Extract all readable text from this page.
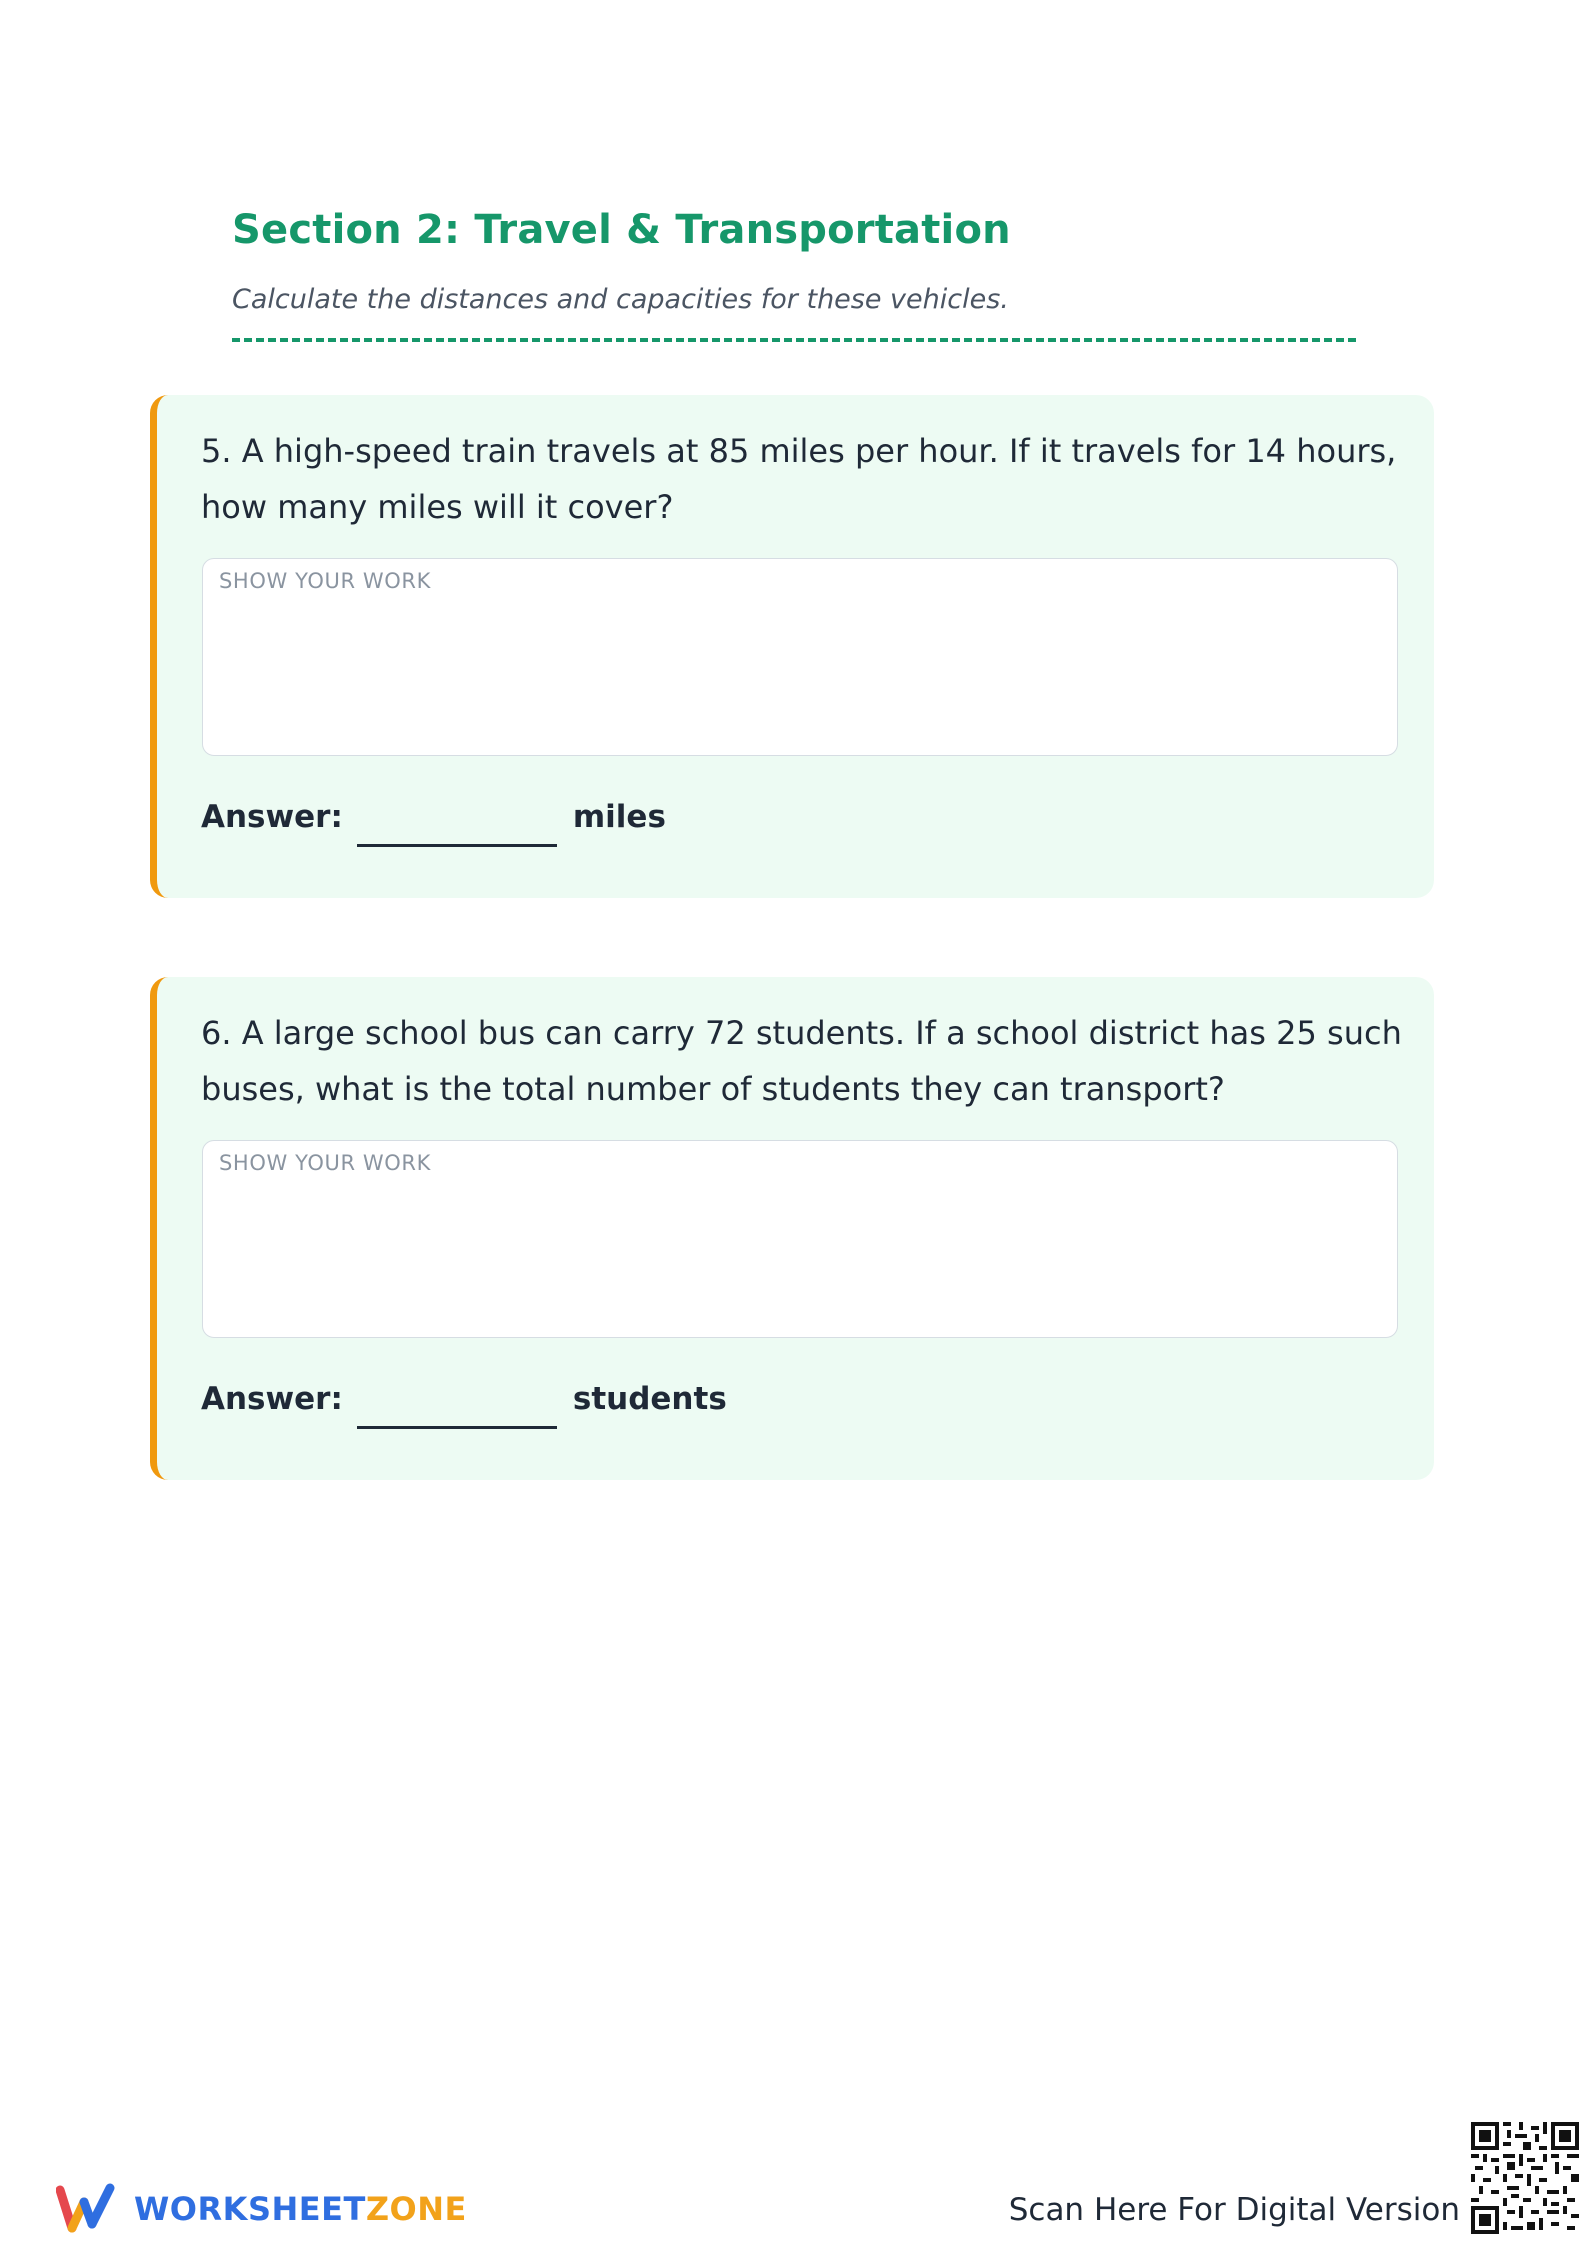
Section 2: Travel & Transportation
Calculate the distances and capacities for these vehicles.
5. A high-speed train travels at 85 miles per hour. If it travels for 14 hours, how many miles will it cover?
SHOW YOUR WORK
Answer:	miles
6. A large school bus can carry 72 students. If a school district has 25 such buses, what is the total number of students they can transport?
SHOW YOUR WORK
Answer:	students
WORKSHEETZONE	Scan Here For Digital Version
